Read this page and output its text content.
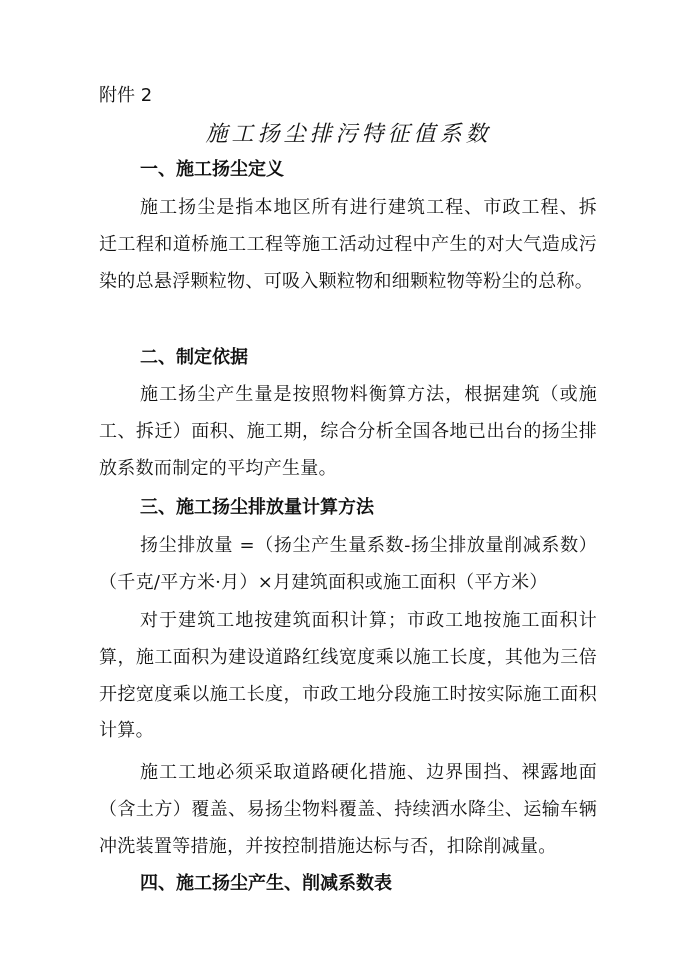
附件 2
施工扬尘排污特征值系数
一、施工扬尘定义
施工扬尘是指本地区所有进行建筑工程、市政工程、拆迁工程和道桥施工工程等施工活动过程中产生的对大气造成污染的总悬浮颗粒物、可吸入颗粒物和细颗粒物等粉尘的总称。
二、制定依据
施工扬尘产生量是按照物料衡算方法，根据建筑（或施工、拆迁）面积、施工期，综合分析全国各地已出台的扬尘排放系数而制定的平均产生量。
三、施工扬尘排放量计算方法
扬尘排放量 =（扬尘产生量系数-扬尘排放量削减系数）（千克/平方米·月）×月建筑面积或施工面积（平方米）
对于建筑工地按建筑面积计算；市政工地按施工面积计算，施工面积为建设道路红线宽度乘以施工长度，其他为三倍开挖宽度乘以施工长度，市政工地分段施工时按实际施工面积计算。
施工工地必须采取道路硬化措施、边界围挡、裸露地面（含土方）覆盖、易扬尘物料覆盖、持续洒水降尘、运输车辆冲洗装置等措施，并按控制措施达标与否，扣除削减量。
四、施工扬尘产生、削减系数表
